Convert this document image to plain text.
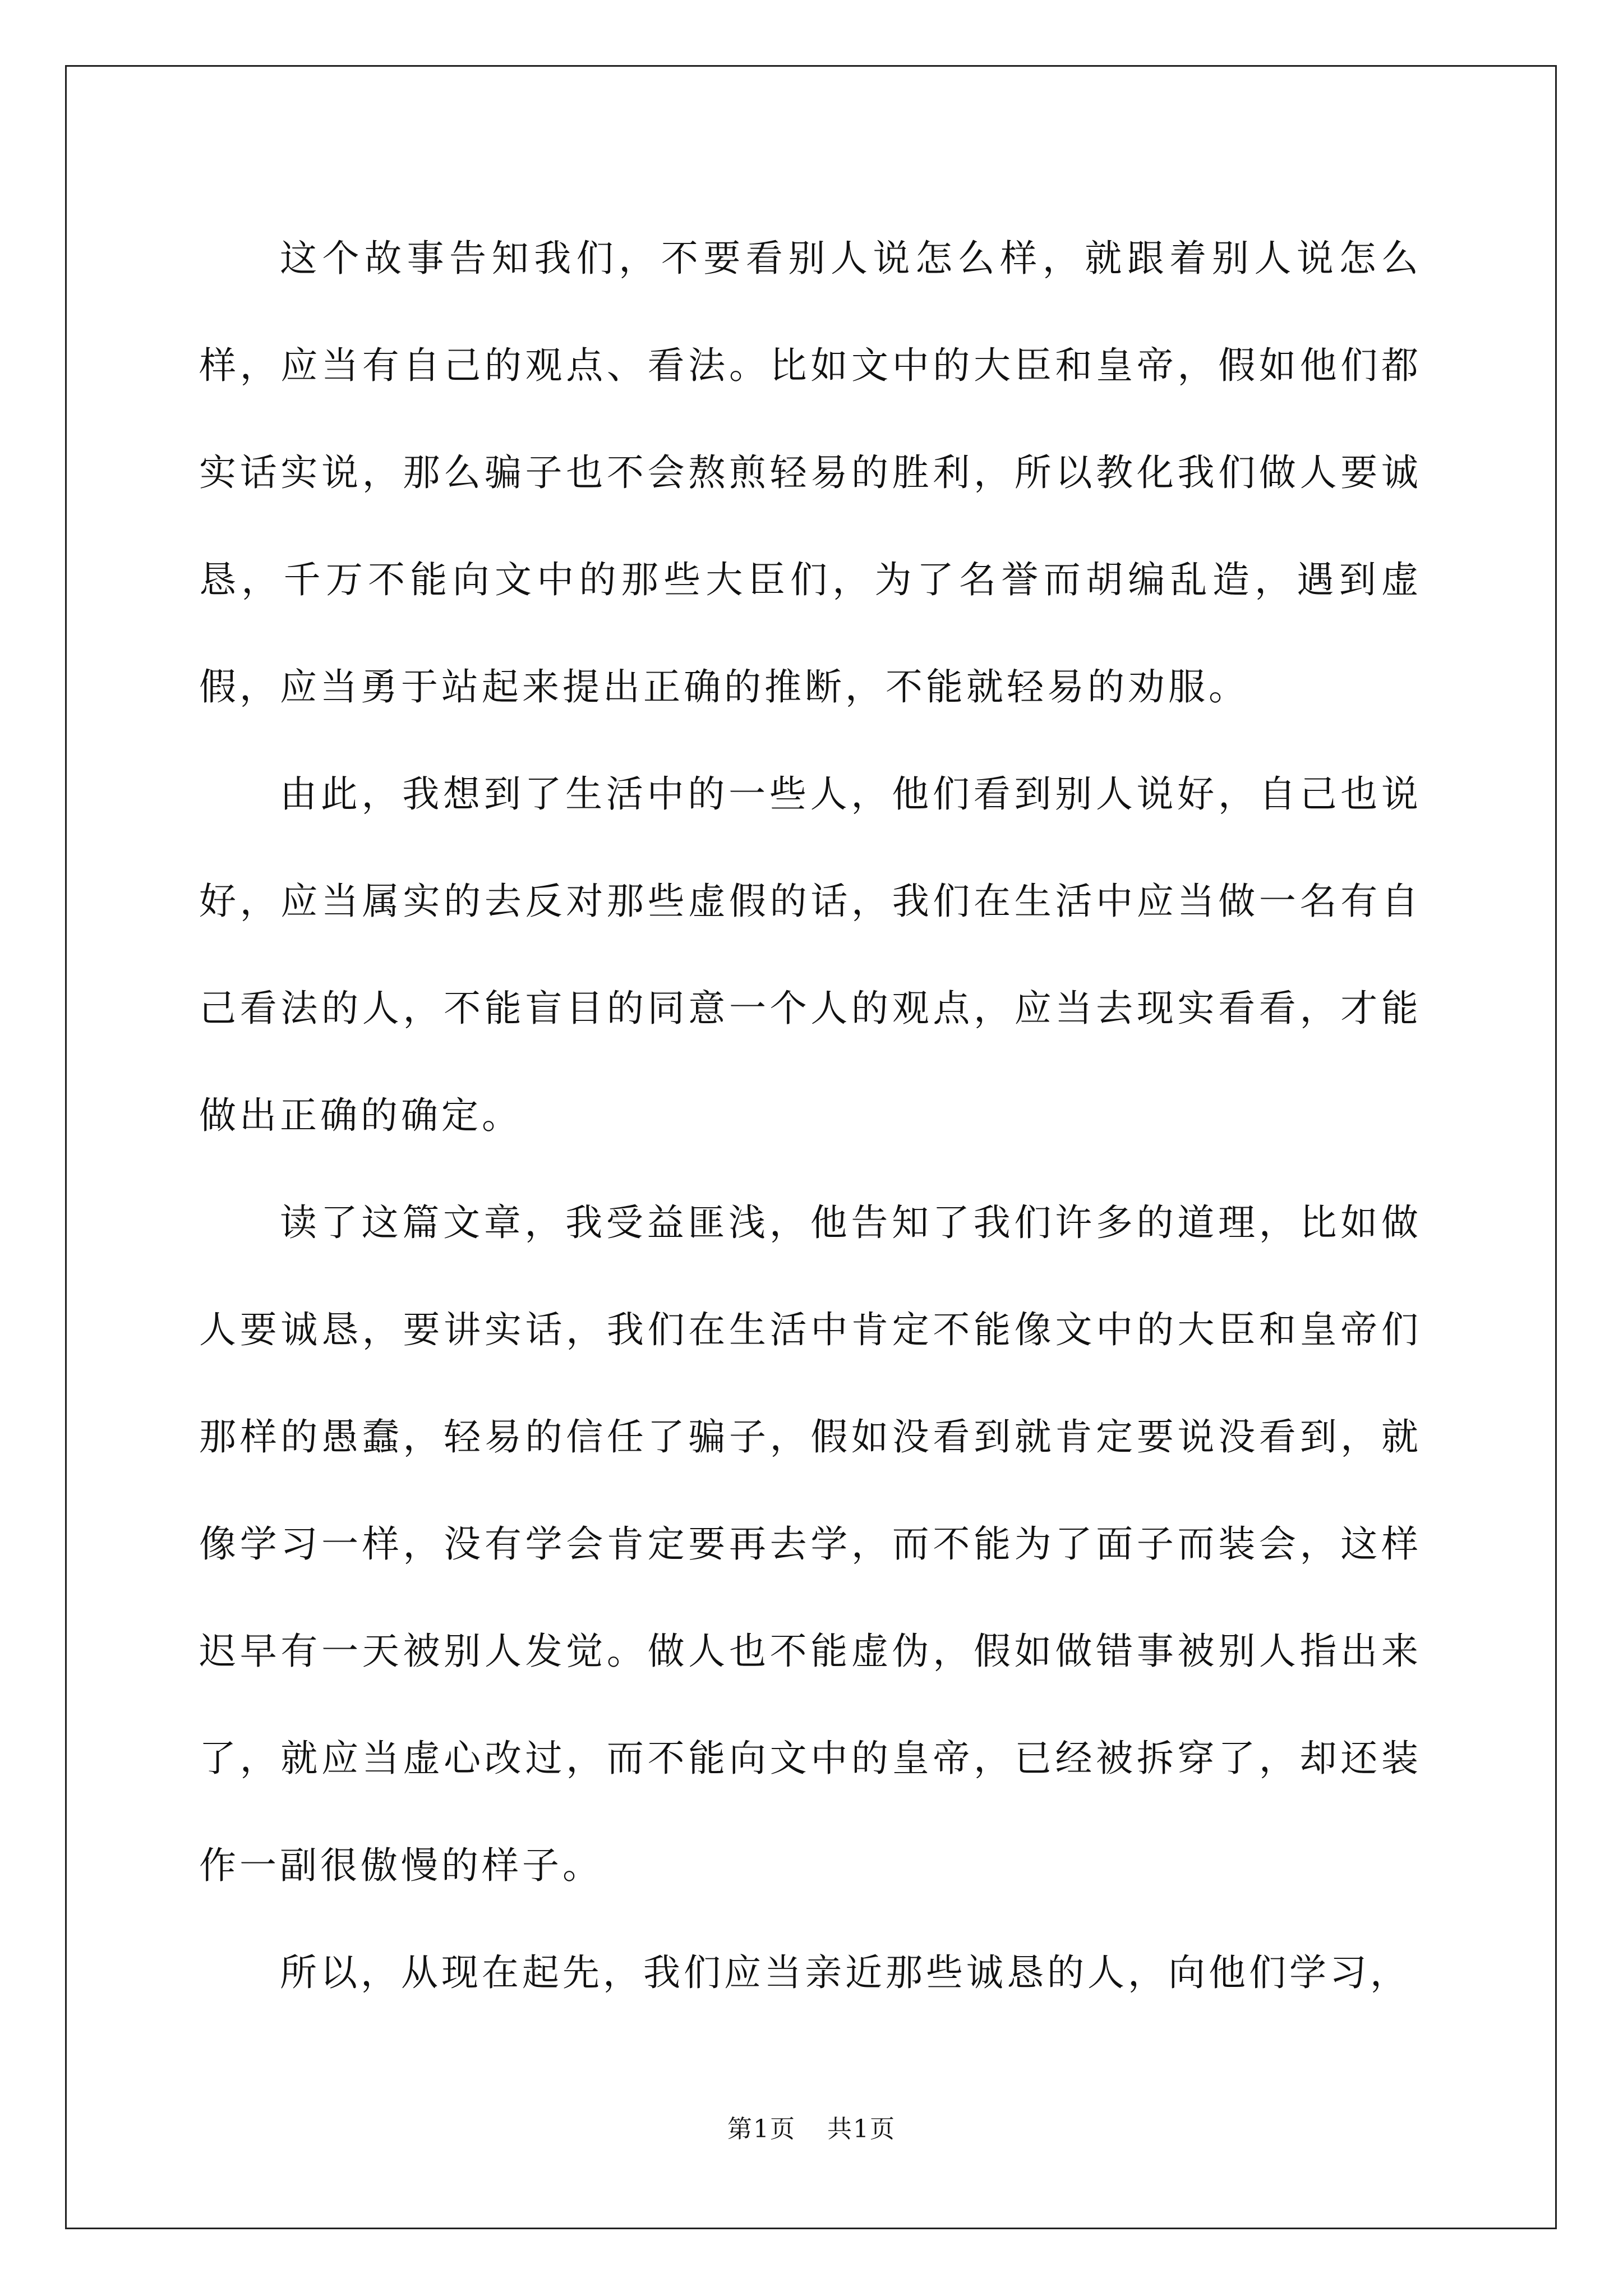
这个故事告知我们，不要看别人说怎么样，就跟着别人说怎么样，应当有自己的观点、看法。比如文中的大臣和皇帝，假如他们都实话实说，那么骗子也不会熬煎轻易的胜利，所以教化我们做人要诚恳，千万不能向文中的那些大臣们，为了名誉而胡编乱造，遇到虚假，应当勇于站起来提出正确的推断，不能就轻易的劝服。

由此，我想到了生活中的一些人，他们看到别人说好，自己也说好，应当属实的去反对那些虚假的话，我们在生活中应当做一名有自己看法的人，不能盲目的同意一个人的观点，应当去现实看看，才能做出正确的确定。

读了这篇文章，我受益匪浅，他告知了我们许多的道理，比如做人要诚恳，要讲实话，我们在生活中肯定不能像文中的大臣和皇帝们那样的愚蠢，轻易的信任了骗子，假如没看到就肯定要说没看到，就像学习一样，没有学会肯定要再去学，而不能为了面子而装会，这样迟早有一天被别人发觉。做人也不能虚伪，假如做错事被别人指出来了，就应当虚心改过，而不能向文中的皇帝，已经被拆穿了，却还装作一副很傲慢的样子。

所以，从现在起先，我们应当亲近那些诚恳的人，向他们学习，

第1页 共1页
